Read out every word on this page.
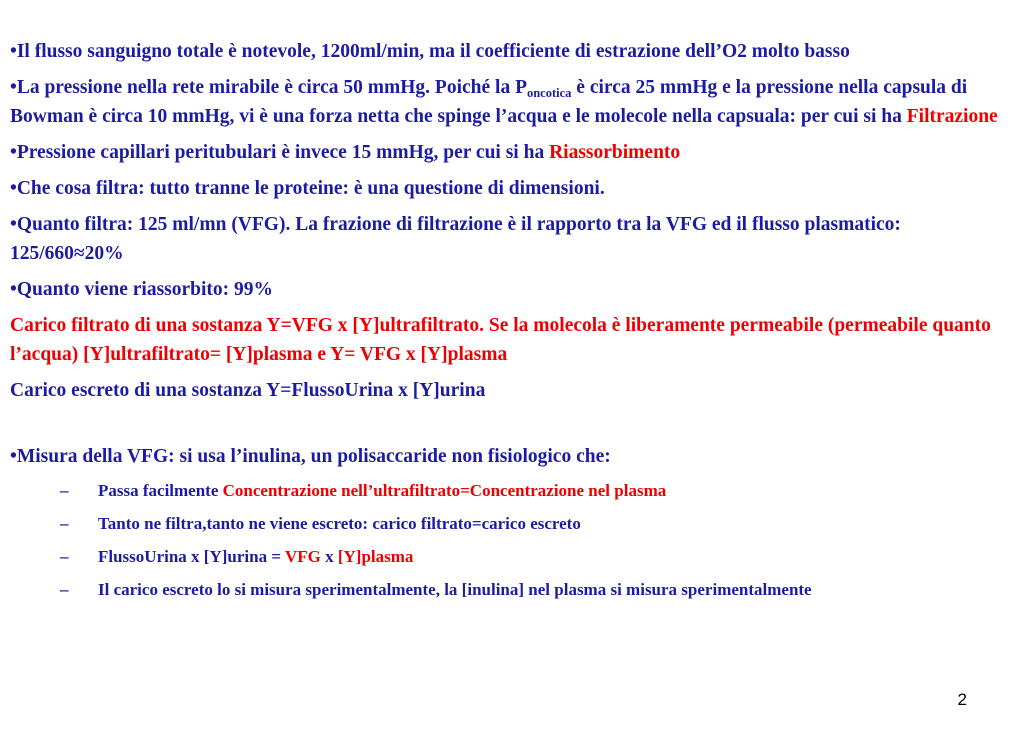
•Il flusso sanguigno totale è notevole, 1200ml/min, ma il coefficiente di estrazione dell’O2 molto basso
•La pressione nella rete mirabile è circa 50 mmHg. Poiché la $P_{oncotica}$ è circa 25 mmHg e la pressione nella capsula di Bowman è circa 10 mmHg, vi è una forza netta che spinge l’acqua e le molecole nella capsuala: per cui si ha Filtrazione
•Pressione capillari peritubulari è invece 15 mmHg, per cui si ha Riassorbimento
•Che cosa filtra: tutto tranne le proteine: è una questione di dimensioni.
•Quanto filtra: 125 ml/mn (VFG). La frazione di filtrazione è il rapporto tra la VFG ed il flusso plasmatico: 125/660≈20%
•Quanto viene riassorbito: 99%
Carico filtrato di una sostanza Y=VFG x [Y]ultrafiltrato. Se la molecola è liberamente permeabile (permeabile quanto l’acqua) [Y]ultrafiltrato= [Y]plasma e Y= VFG x [Y]plasma
Carico escreto di una sostanza Y=FlussoUrina x [Y]urina
•Misura della VFG: si usa l’inulina, un polisaccaride non fisiologico che:
– Passa facilmente Concentrazione nell’ultrafiltrato=Concentrazione nel plasma
– Tanto ne filtra,tanto ne viene escreto: carico filtrato=carico escreto
– FlussoUrina x [Y]urina = VFG x [Y]plasma
– Il carico escreto lo si misura sperimentalmente, la [inulina] nel plasma si misura sperimentalmente
2
